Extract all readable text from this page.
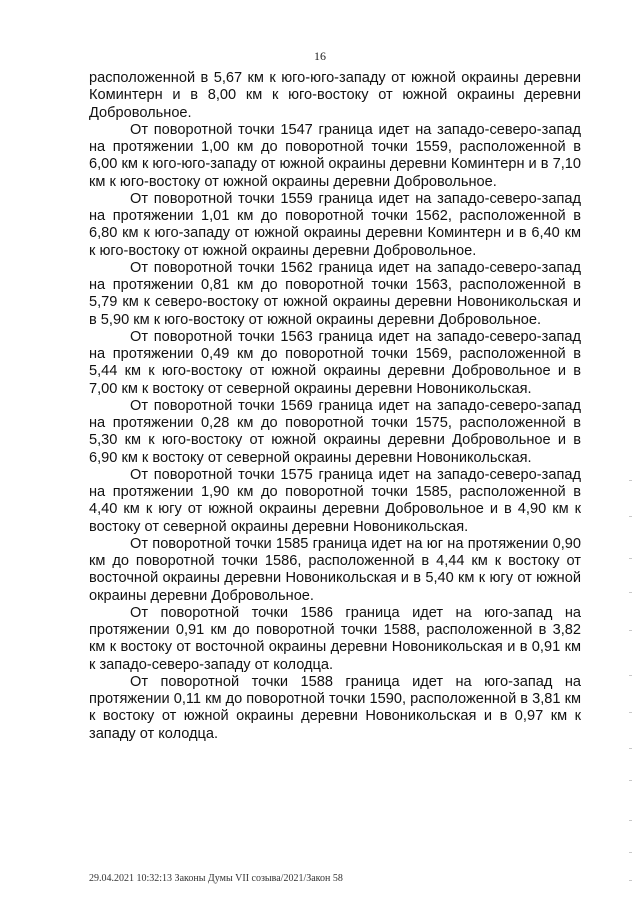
16

расположенной в 5,67 км к юго-юго-западу от южной окраины деревни Коминтерн и в 8,00 км к юго-востоку от южной окраины деревни Добровольное.

От поворотной точки 1547 граница идет на западо-северо-запад на протяжении 1,00 км до поворотной точки 1559, расположенной в 6,00 км к юго-юго-западу от южной окраины деревни Коминтерн и в 7,10 км к юго-востоку от южной окраины деревни Добровольное.

От поворотной точки 1559 граница идет на западо-северо-запад на протяжении 1,01 км до поворотной точки 1562, расположенной в 6,80 км к юго-западу от южной окраины деревни Коминтерн и в 6,40 км к юго-востоку от южной окраины деревни Добровольное.

От поворотной точки 1562 граница идет на западо-северо-запад на протяжении 0,81 км до поворотной точки 1563, расположенной в 5,79 км к северо-востоку от южной окраины деревни Новоникольская и в 5,90 км к юго-востоку от южной окраины деревни Добровольное.

От поворотной точки 1563 граница идет на западо-северо-запад на протяжении 0,49 км до поворотной точки 1569, расположенной в 5,44 км к юго-востоку от южной окраины деревни Добровольное и в 7,00 км к востоку от северной окраины деревни Новоникольская.

От поворотной точки 1569 граница идет на западо-северо-запад на протяжении 0,28 км до поворотной точки 1575, расположенной в 5,30 км к юго-востоку от южной окраины деревни Добровольное и в 6,90 км к востоку от северной окраины деревни Новоникольская.

От поворотной точки 1575 граница идет на западо-северо-запад на протяжении 1,90 км до поворотной точки 1585, расположенной в 4,40 км к югу от южной окраины деревни Добровольное и в 4,90 км к востоку от северной окраины деревни Новоникольская.

От поворотной точки 1585 граница идет на юг на протяжении 0,90 км до поворотной точки 1586, расположенной в 4,44 км к востоку от восточной окраины деревни Новоникольская и в 5,40 км к югу от южной окраины деревни Добровольное.

От поворотной точки 1586 граница идет на юго-запад на протяжении 0,91 км до поворотной точки 1588, расположенной в 3,82 км к востоку от восточной окраины деревни Новоникольская и в 0,91 км к западо-северо-западу от колодца.

От поворотной точки 1588 граница идет на юго-запад на протяжении 0,11 км до поворотной точки 1590, расположенной в 3,81 км к востоку от южной окраины деревни Новоникольская и в 0,97 км к западу от колодца.

29.04.2021 10:32:13 Законы Думы VII созыва/2021/Закон 58
